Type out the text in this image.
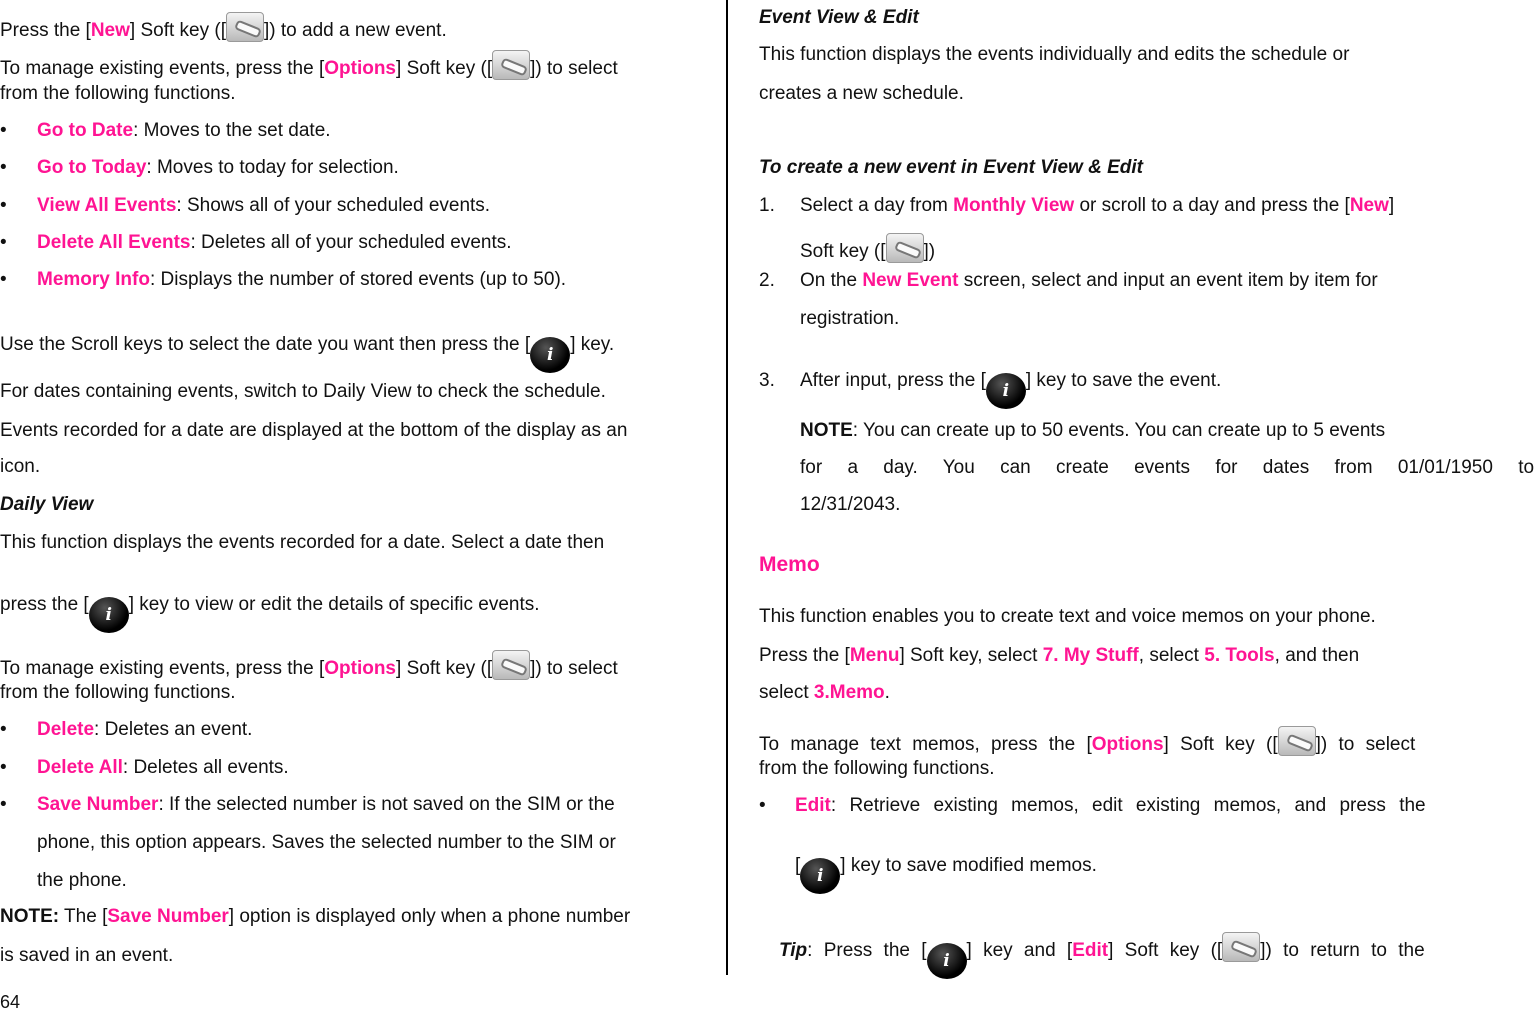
Press the [New] Soft key ([ ]) to add a new event.
To manage existing events, press the [Options] Soft key ([ ]) to select
from the following functions.
• Go to Date: Moves to the set date.
• Go to Today: Moves to today for selection.
• View All Events: Shows all of your scheduled events.
• Delete All Events: Deletes all of your scheduled events.
• Memory Info: Displays the number of stored events (up to 50).
Use the Scroll keys to select the date you want then press the [ i ] key.
For dates containing events, switch to Daily View to check the schedule.
Events recorded for a date are displayed at the bottom of the display as an
icon.
Daily View
This function displays the events recorded for a date. Select a date then
press the [ i ] key to view or edit the details of specific events.
To manage existing events, press the [Options] Soft key ([ ]) to select
from the following functions.
• Delete: Deletes an event.
• Delete All: Deletes all events.
• Save Number: If the selected number is not saved on the SIM or the
phone, this option appears. Saves the selected number to the SIM or
the phone.
NOTE: The [Save Number] option is displayed only when a phone number
is saved in an event.
64
Event View & Edit
This function displays the events individually and edits the schedule or
creates a new schedule.
To create a new event in Event View & Edit
1. Select a day from Monthly View or scroll to a day and press the [New]
Soft key ([ ])
2. On the New Event screen, select and input an event item by item for
registration.
3. After input, press the [ i ] key to save the event.
NOTE: You can create up to 50 events. You can create up to 5 events
for a day. You can create events for dates from 01/01/1950 to
12/31/2043.
Memo
This function enables you to create text and voice memos on your phone.
Press the [Menu] Soft key, select 7. My Stuff, select 5. Tools, and then
select 3.Memo.
To manage text memos, press the [Options] Soft key ([ ]) to select
from the following functions.
• Edit: Retrieve existing memos, edit existing memos, and press the
[ i ] key to save modified memos.
Tip: Press the [ i ] key and [Edit] Soft key ([ ]) to return to the
